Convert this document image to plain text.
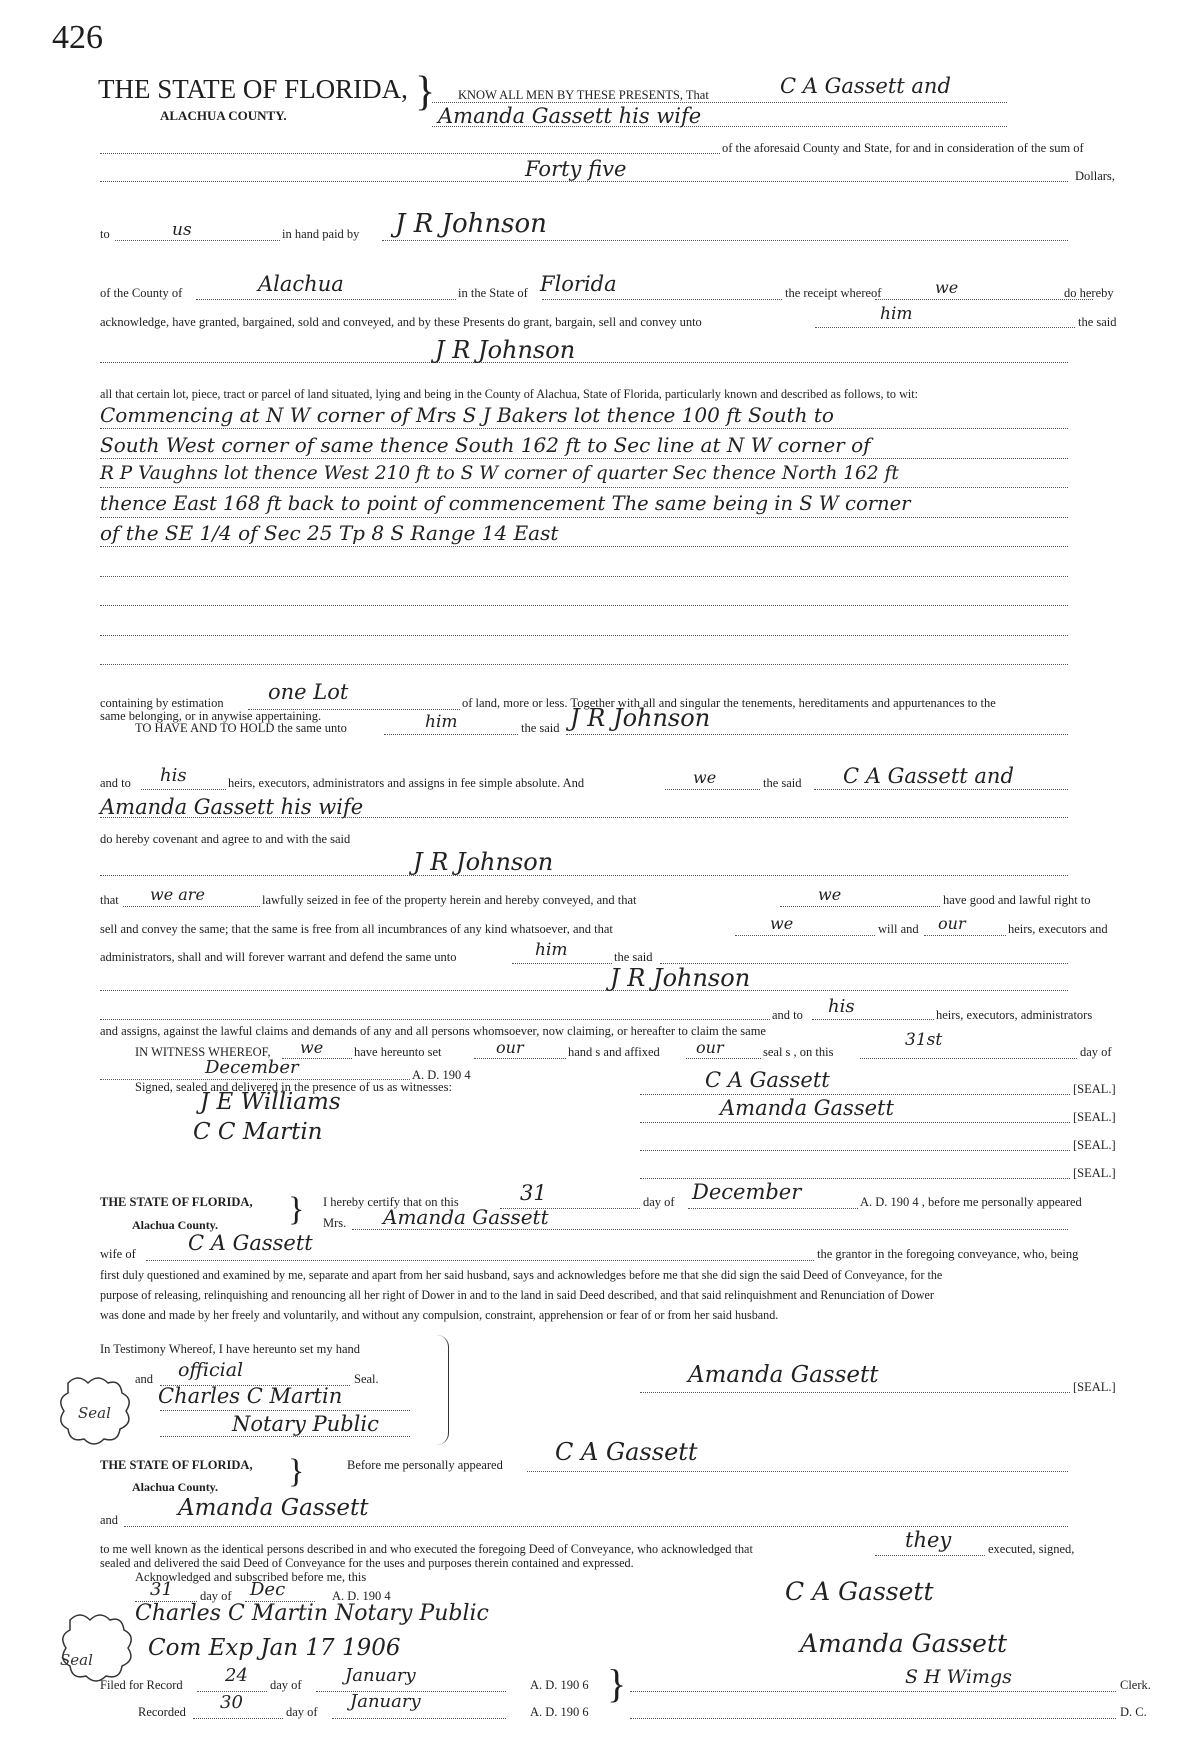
426
THE STATE OF FLORIDA,
ALACHUA COUNTY.
} KNOW ALL MEN BY THESE PRESENTS, That	C A Gassett and
Amanda Gassett his wife
of the aforesaid County and State, for and in consideration of the sum of
Forty five	Dollars,
to	us	in hand paid by J R Johnson
of the County of	Alachua	in the State of Florida	the receipt whereof	we	do hereby
acknowledge, have granted, bargained, sold and conveyed, and by these Presents do grant, bargain, sell and convey unto	him	the said
J R Johnson
all that certain lot, piece, tract or parcel of land situated, lying and being in the County of Alachua, State of Florida, particularly known and described as follows, to wit:
Commencing at N W corner of Mrs S J Bakers lot thence 100 ft South to
South West corner of same thence South 162 ft to Sec line at N W corner of
R P Vaughns lot thence West 210 ft to S W corner of quarter Sec thence North 162 ft
thence East 168 ft back to point of commencement The same being in S W corner
of the SE 1/4 of Sec 25 Tp 8 S Range 14 East
containing by estimation one Lot	of land, more or less. Together with all and singular the tenements, hereditaments and appurtenances to the
same belonging, or in anywise appertaining.
TO HAVE AND TO HOLD the same unto	him	the said J R Johnson
and to his	heirs, executors, administrators and assigns in fee simple absolute. And	we	the said C A Gassett and
Amanda Gassett his wife
do hereby covenant and agree to and with the said
J R Johnson
that we are	lawfully seized in fee of the property herein and hereby conveyed, and that	we	have good and lawful right to
sell and convey the same; that the same is free from all incumbrances of any kind whatsoever, and that	we	will and our	heirs, executors and
administrators, shall and will forever warrant and defend the same unto	him	the said
J R Johnson
and to his	heirs, executors, administrators
and assigns, against the lawful claims and demands of any and all persons whomsoever, now claiming, or hereafter to claim the same
IN WITNESS WHEREOF, we have hereunto set	our	hand s and affixed our	seal s , on this
31st
day of
December	A. D. 190 4
Signed, sealed and delivered in the presence of us as witnesses:
J E Williams
C C Martin
C A Gassett	[SEAL.]
Amanda Gassett	[SEAL.]
[SEAL.]
[SEAL.]
THE STATE OF FLORIDA,
Alachua County. } I hereby certify that on this	31	day of December	A. D. 190 4 , before me personally appeared
Mrs. Amanda Gassett
wife of C A Gassett	the grantor in the foregoing conveyance, who, being
first duly questioned and examined by me, separate and apart from her said husband, says and acknowledges before me that she did sign the said Deed of Conveyance, for the
purpose of releasing, relinquishing and renouncing all her right of Dower in and to the land in said Deed described, and that said relinquishment and Renunciation of Dower
was done and made by her freely and voluntarily, and without any compulsion, constraint, apprehension or fear of or from her said husband.
In Testimony Whereof, I have hereunto set my hand
and official	Seal.
Charles C Martin
Notary Public
Seal
Amanda Gassett	[SEAL.]
THE STATE OF FLORIDA,
Alachua County. }	Before me personally appeared C A Gassett
and	Amanda Gassett
to me well known as the identical persons described in and who executed the foregoing Deed of Conveyance, who acknowledged that	they	executed, signed,
sealed and delivered the said Deed of Conveyance for the uses and purposes therein contained and expressed.
Acknowledged and subscribed before me, this
31 day of Dec	A. D. 190 4
Charles C Martin Notary Public
Com Exp Jan 17 1906
Seal
C A Gassett
Amanda Gassett
Filed for Record 24 day of January	A. D. 190 6
Recorded 30	day of January	A. D. 190 6
}	S H Wimgs	Clerk.
D. C.
